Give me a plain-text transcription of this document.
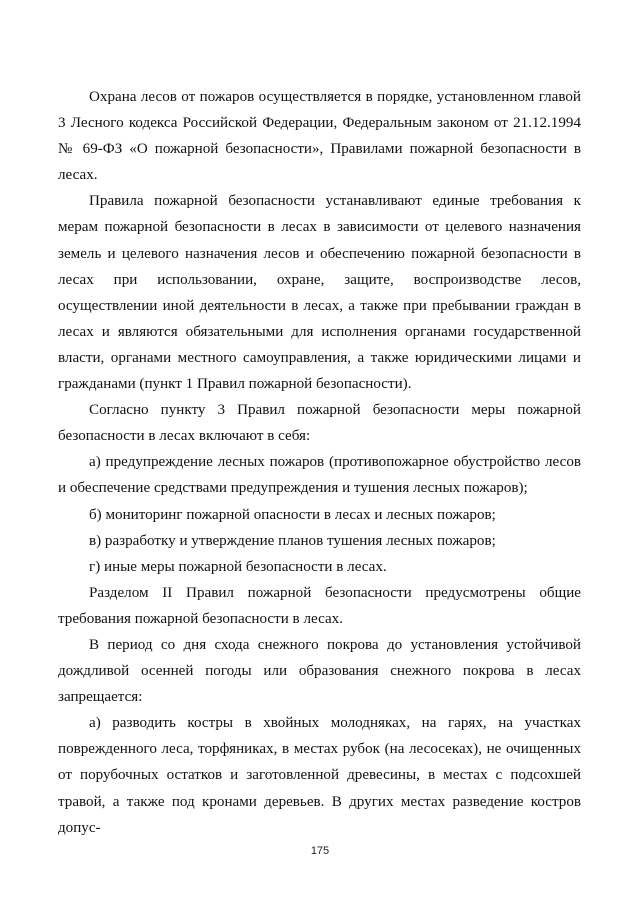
Охрана лесов от пожаров осуществляется в порядке, установленном главой 3 Лесного кодекса Российской Федерации, Федеральным законом от 21.12.1994 № 69-ФЗ «О пожарной безопасности», Правилами пожарной безопасности в лесах.

Правила пожарной безопасности устанавливают единые требования к мерам пожарной безопасности в лесах в зависимости от целевого назначения земель и целевого назначения лесов и обеспечению пожарной безопасности в лесах при использовании, охране, защите, воспроизводстве лесов, осуществлении иной деятельности в лесах, а также при пребывании граждан в лесах и являются обязательными для исполнения органами государственной власти, органами местного самоуправления, а также юридическими лицами и гражданами (пункт 1 Правил пожарной безопасности).

Согласно пункту 3 Правил пожарной безопасности меры пожарной безопасности в лесах включают в себя:

а) предупреждение лесных пожаров (противопожарное обустройство лесов и обеспечение средствами предупреждения и тушения лесных пожаров);

б) мониторинг пожарной опасности в лесах и лесных пожаров;

в) разработку и утверждение планов тушения лесных пожаров;

г) иные меры пожарной безопасности в лесах.

Разделом II Правил пожарной безопасности предусмотрены общие требования пожарной безопасности в лесах.

В период со дня схода снежного покрова до установления устойчивой дождливой осенней погоды или образования снежного покрова в лесах запрещается:

а) разводить костры в хвойных молодняках, на гарях, на участках поврежденного леса, торфяниках, в местах рубок (на лесосеках), не очищенных от порубочных остатков и заготовленной древесины, в местах с подсохшей травой, а также под кронами деревьев. В других местах разведение костров допус-

175
